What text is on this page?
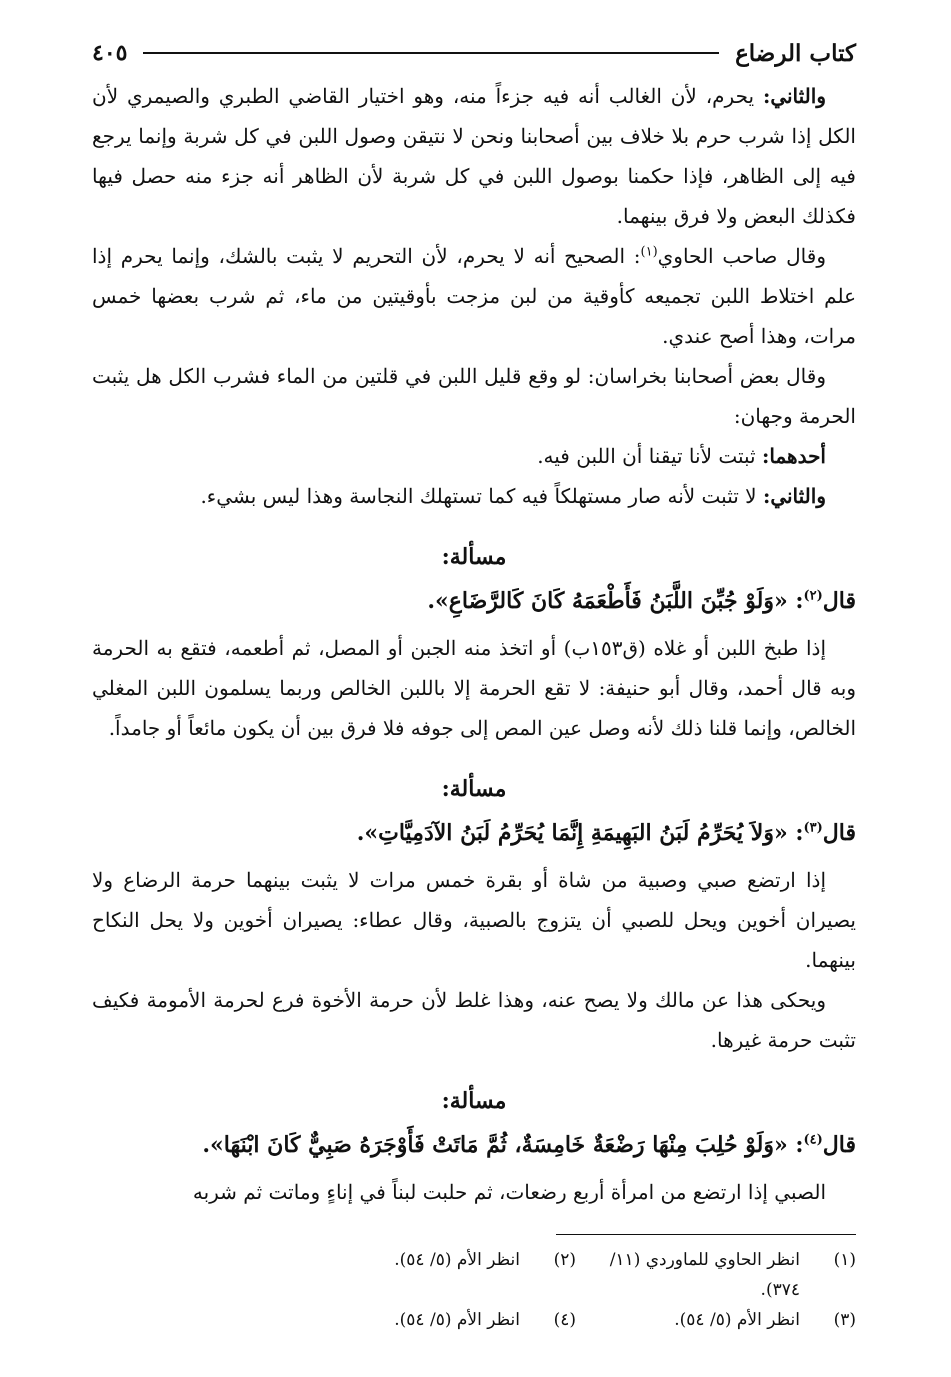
كتاب الرضاع
٤٠٥

والثاني: يحرم، لأن الغالب أنه فيه جزءاً منه، وهو اختيار القاضي الطبري والصيمري لأن الكل إذا شرب حرم بلا خلاف بين أصحابنا ونحن لا نتيقن وصول اللبن في كل شربة وإنما يرجع فيه إلى الظاهر، فإذا حكمنا بوصول اللبن في كل شربة لأن الظاهر أنه جزء منه حصل فيها فكذلك البعض ولا فرق بينهما.

وقال صاحب الحاوي$^{(١)}$: الصحيح أنه لا يحرم، لأن التحريم لا يثبت بالشك، وإنما يحرم إذا علم اختلاط اللبن تجميعه كأوقية من لبن مزجت بأوقيتين من ماء، ثم شرب بعضها خمس مرات، وهذا أصح عندي.

وقال بعض أصحابنا بخراسان: لو وقع قليل اللبن في قلتين من الماء فشرب الكل هل يثبت الحرمة وجهان:

أحدهما: ثبتت لأنا تيقنا أن اللبن فيه.

والثاني: لا تثبت لأنه صار مستهلكاً فيه كما تستهلك النجاسة وهذا ليس بشيء.

مسألة:

قال$^{(٢)}$: «وَلَوْ جُبِّنَ اللَّبَنُ فَأَطْعَمَهُ كَانَ كَالرَّضَاعِ».

إذا طبخ اللبن أو غلاه (ق١٥٣ب) أو اتخذ منه الجبن أو المصل، ثم أطعمه، فتقع به الحرمة وبه قال أحمد، وقال أبو حنيفة: لا تقع الحرمة إلا باللبن الخالص وربما يسلمون اللبن المغلي الخالص، وإنما قلنا ذلك لأنه وصل عين المص إلى جوفه فلا فرق بين أن يكون مائعاً أو جامداً.

مسألة:

قال$^{(٣)}$: «وَلاَ يُحَرِّمُ لَبَنُ البَهِيمَةِ إِنَّمَا يُحَرِّمُ لَبَنُ الآدَمِيَّاتِ».

إذا ارتضع صبي وصبية من شاة أو بقرة خمس مرات لا يثبت بينهما حرمة الرضاع ولا يصيران أخوين ويحل للصبي أن يتزوج بالصبية، وقال عطاء: يصيران أخوين ولا يحل النكاح بينهما.

ويحكى هذا عن مالك ولا يصح عنه، وهذا غلط لأن حرمة الأخوة فرع لحرمة الأمومة فكيف تثبت حرمة غيرها.

مسألة:

قال$^{(٤)}$: «وَلَوْ حُلِبَ مِنْهَا رَضْعَةٌ خَامِسَةٌ، ثُمَّ مَاتَتْ فَأَوْجَرَهُ صَبِيٌّ كَانَ ابْنَهَا».

الصبي إذا ارتضع من امرأة أربع رضعات، ثم حلبت لبناً في إناءٍ وماتت ثم شربه

(١)
انظر الحاوي للماوردي (١١/ ٣٧٤).
(٢)
انظر الأم (٥/ ٥٤).
(٣)
انظر الأم (٥/ ٥٤).
(٤)
انظر الأم (٥/ ٥٤).
